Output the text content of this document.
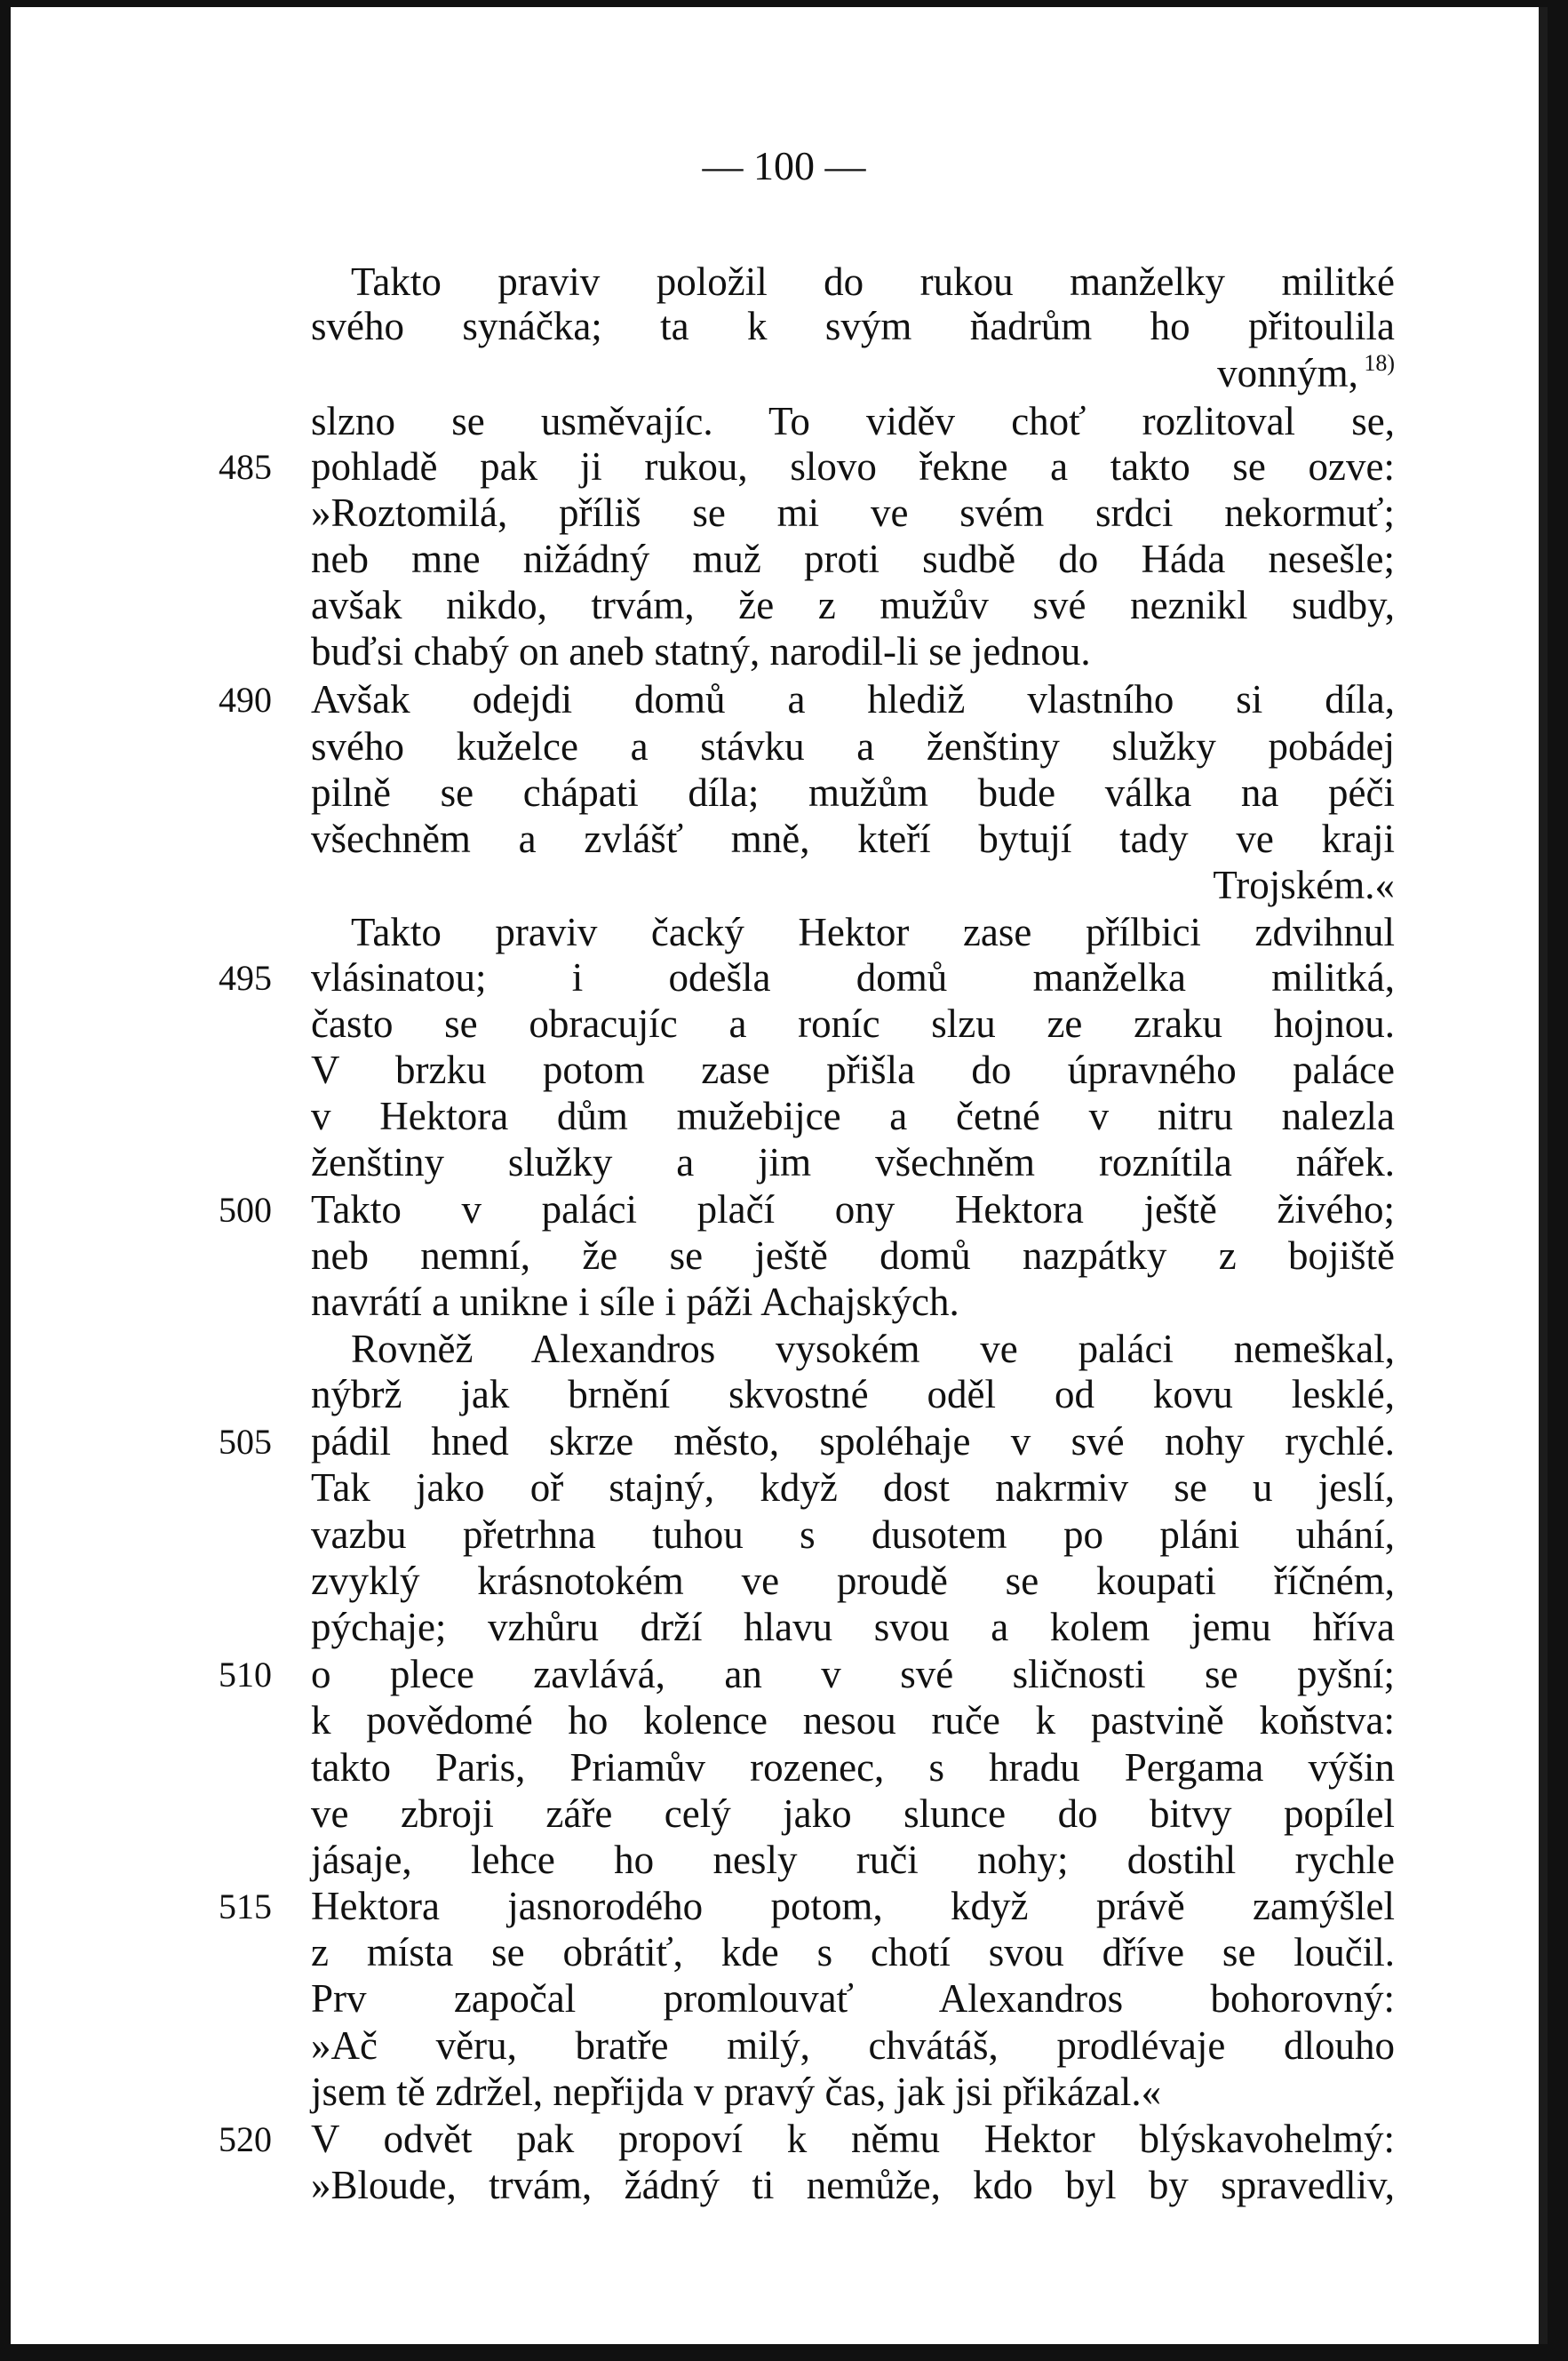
— 100 —
Takto praviv položil do rukou manželky militké
svého synáčka; ta k svým ňadrům ho přitoulila
vonným, $^{18)}$
slzno se usměvajíc. To viděv choť rozlitoval se,
pohladě pak ji rukou, slovo řekne a takto se ozve:
»Roztomilá, příliš se mi ve svém srdci nekormuť;
neb mne nižádný muž proti sudbě do Háda nesešle;
avšak nikdo, trvám, že z mužův své neznikl sudby,
buďsi chabý on aneb statný, narodil-li se jednou.
Avšak odejdi domů a hlediž vlastního si díla,
svého kuželce a stávku a ženštiny služky pobádej
pilně se chápati díla; mužům bude válka na péči
všechněm a zvlášť mně, kteří bytují tady ve kraji
Trojském.«
Takto praviv čacký Hektor zase přílbici zdvihnul
vlásinatou; i odešla domů manželka militká,
často se obracujíc a roníc slzu ze zraku hojnou.
V brzku potom zase přišla do úpravného paláce
v Hektora dům mužebijce a četné v nitru nalezla
ženštiny služky a jim všechněm roznítila nářek.
Takto v paláci plačí ony Hektora ještě živého;
neb nemní, že se ještě domů nazpátky z bojiště
navrátí a unikne i síle i páži Achajských.
Rovněž Alexandros vysokém ve paláci nemeškal,
nýbrž jak brnění skvostné oděl od kovu lesklé,
pádil hned skrze město, spoléhaje v své nohy rychlé.
Tak jako oř stajný, když dost nakrmiv se u jeslí,
vazbu přetrhna tuhou s dusotem po pláni uhání,
zvyklý krásnotokém ve proudě se koupati říčném,
pýchaje; vzhůru drží hlavu svou a kolem jemu hříva
o plece zavlává, an v své sličnosti se pyšní;
k povědomé ho kolence nesou ruče k pastvině koňstva:
takto Paris, Priamův rozenec, s hradu Pergama výšin
ve zbroji záře celý jako slunce do bitvy popílel
jásaje, lehce ho nesly ruči nohy; dostihl rychle
Hektora jasnorodého potom, když právě zamýšlel
z místa se obrátiť, kde s chotí svou dříve se loučil.
Prv započal promlouvať Alexandros bohorovný:
»Ač věru, bratře milý, chvátáš, prodlévaje dlouho
jsem tě zdržel, nepřijda v pravý čas, jak jsi přikázal.«
V odvět pak propoví k němu Hektor blýskavohelmý:
»Bloude, trvám, žádný ti nemůže, kdo byl by spravedliv,
485
490
495
500
505
510
515
520
